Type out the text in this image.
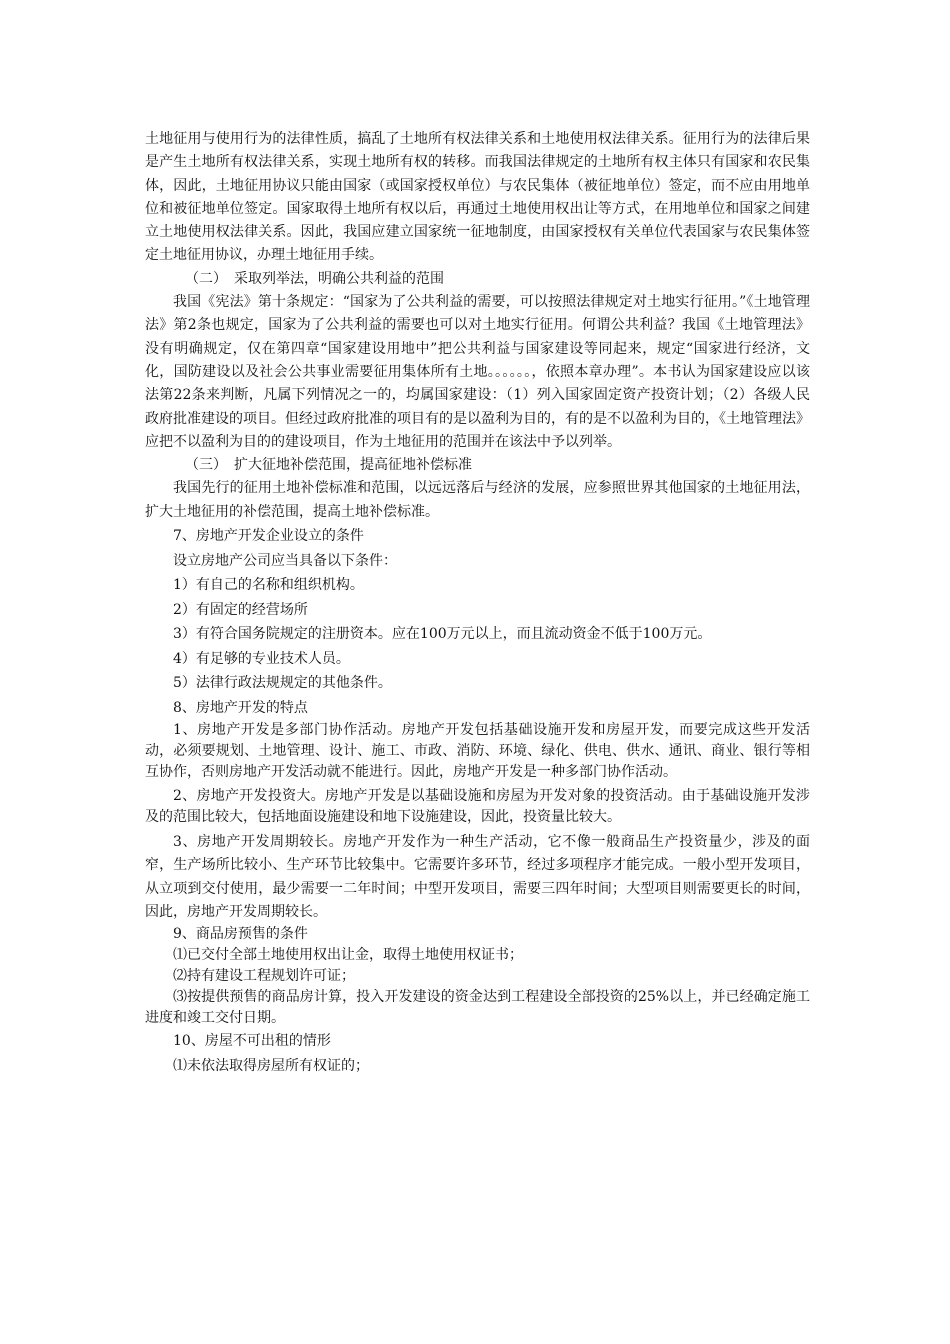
土地征用与使用行为的法律性质，搞乱了土地所有权法律关系和土地使用权法律关系。征用行为的法律后果是产生土地所有权法律关系，实现土地所有权的转移。而我国法律规定的土地所有权主体只有国家和农民集体，因此，土地征用协议只能由国家（或国家授权单位）与农民集体（被征地单位）签定，而不应由用地单位和被征地单位签定。国家取得土地所有权以后，再通过土地使用权出让等方式，在用地单位和国家之间建立土地使用权法律关系。因此，我国应建立国家统一征地制度，由国家授权有关单位代表国家与农民集体签定土地征用协议，办理土地征用手续。

（二）　采取列举法，明确公共利益的范围

我国《宪法》第十条规定：“国家为了公共利益的需要，可以按照法律规定对土地实行征用。”《土地管理法》第2条也规定，国家为了公共利益的需要也可以对土地实行征用。何谓公共利益？我国《土地管理法》没有明确规定，仅在第四章“国家建设用地中”把公共利益与国家建设等同起来，规定“国家进行经济，文化，国防建设以及社会公共事业需要征用集体所有土地。。。。。。，依照本章办理”。本书认为国家建设应以该法第22条来判断，凡属下列情况之一的，均属国家建设：（1）列入国家固定资产投资计划；（2）各级人民政府批准建设的项目。但经过政府批准的项目有的是以盈利为目的，有的是不以盈利为目的，《土地管理法》应把不以盈利为目的的建设项目，作为土地征用的范围并在该法中予以列举。

（三）　扩大征地补偿范围，提高征地补偿标准

我国先行的征用土地补偿标准和范围，以远远落后与经济的发展，应参照世界其他国家的土地征用法，扩大土地征用的补偿范围，提高土地补偿标准。

7、房地产开发企业设立的条件

设立房地产公司应当具备以下条件：

1）有自己的名称和组织机构。

2）有固定的经营场所

3）有符合国务院规定的注册资本。应在100万元以上，而且流动资金不低于100万元。

4）有足够的专业技术人员。

5）法律行政法规规定的其他条件。

8、房地产开发的特点

1、房地产开发是多部门协作活动。房地产开发包括基础设施开发和房屋开发，而要完成这些开发活动，必须要规划、土地管理、设计、施工、市政、消防、环境、绿化、供电、供水、通讯、商业、银行等相互协作，否则房地产开发活动就不能进行。因此，房地产开发是一种多部门协作活动。

2、房地产开发投资大。房地产开发是以基础设施和房屋为开发对象的投资活动。由于基础设施开发涉及的范围比较大，包括地面设施建设和地下设施建设，因此，投资量比较大。

3、房地产开发周期较长。房地产开发作为一种生产活动，它不像一般商品生产投资量少，涉及的面窄，生产场所比较小、生产环节比较集中。它需要许多环节，经过多项程序才能完成。一般小型开发项目，从立项到交付使用，最少需要一二年时间；中型开发项目，需要三四年时间；大型项目则需要更长的时间，因此，房地产开发周期较长。

9、商品房预售的条件

⑴已交付全部土地使用权出让金，取得土地使用权证书；

⑵持有建设工程规划许可证；

⑶按提供预售的商品房计算，投入开发建设的资金达到工程建设全部投资的25%以上，并已经确定施工进度和竣工交付日期。

10、房屋不可出租的情形

⑴未依法取得房屋所有权证的；
